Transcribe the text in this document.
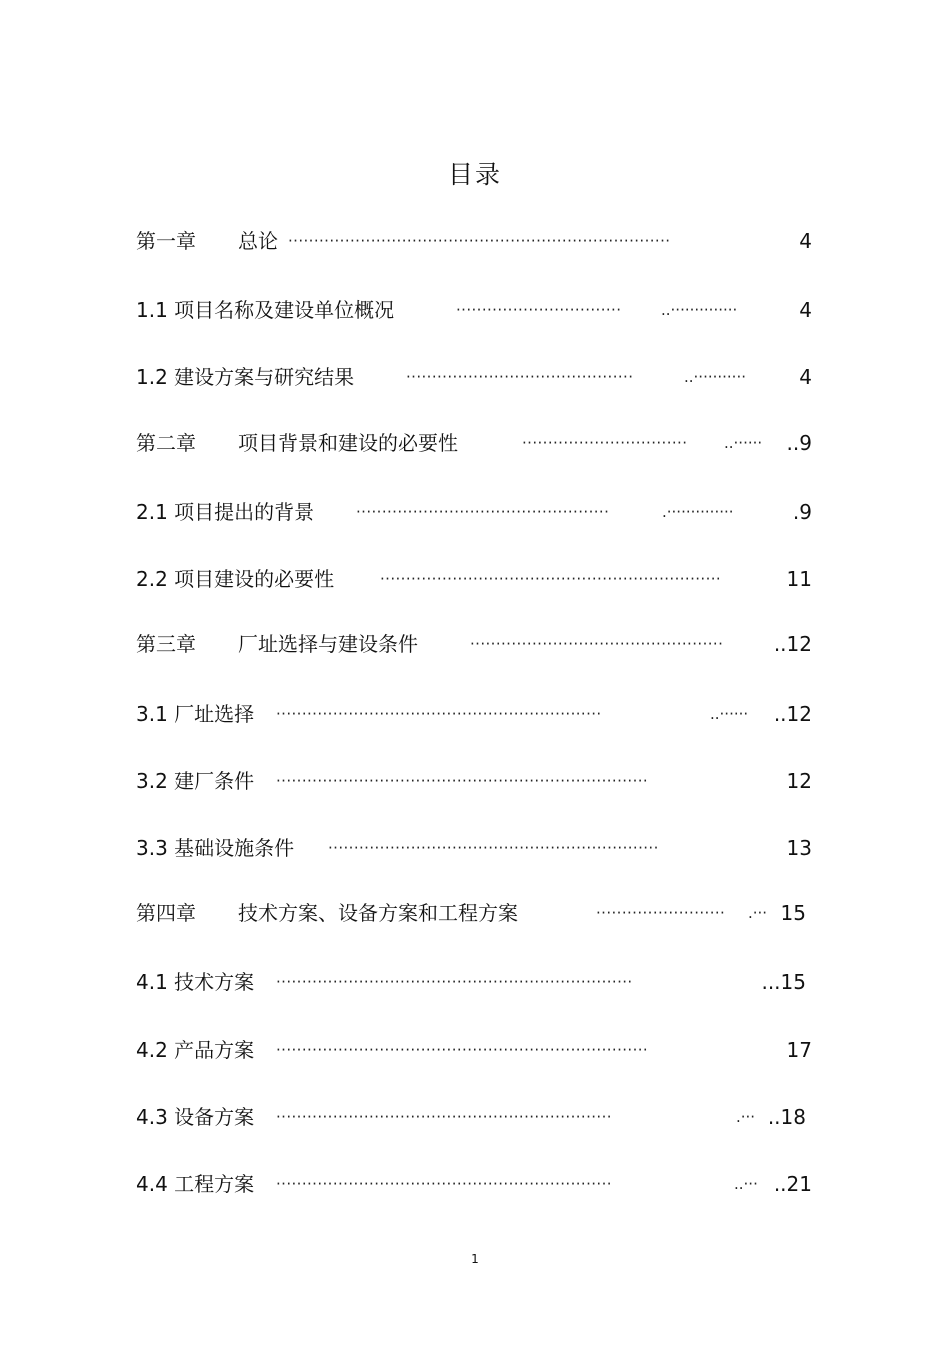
目录
第一章 总论 ··········································································	4
1.1 项目名称及建设单位概况	································	..··············	4
1.2 建设方案与研究结果	············································	..···········	4
第二章 项目背景和建设的必要性	································ ..······ ..9
2.1 项目提出的背景	·················································	.··············	.9
2.2 项目建设的必要性	··································································	11
第三章 厂址选择与建设条件	·················································	..12
3.1 厂址选择 ·······························································	..······ ..12
3.2 建厂条件 ········································································	12
3.3 基础设施条件 ································································	13
第四章 技术方案、设备方案和工程方案	························· .··· 15
4.1 技术方案 ·····································································	...15
4.2 产品方案 ········································································	17
4.3 设备方案 ·································································	.··· ..18
4.4 工程方案 ·································································	..··· ..21
1
